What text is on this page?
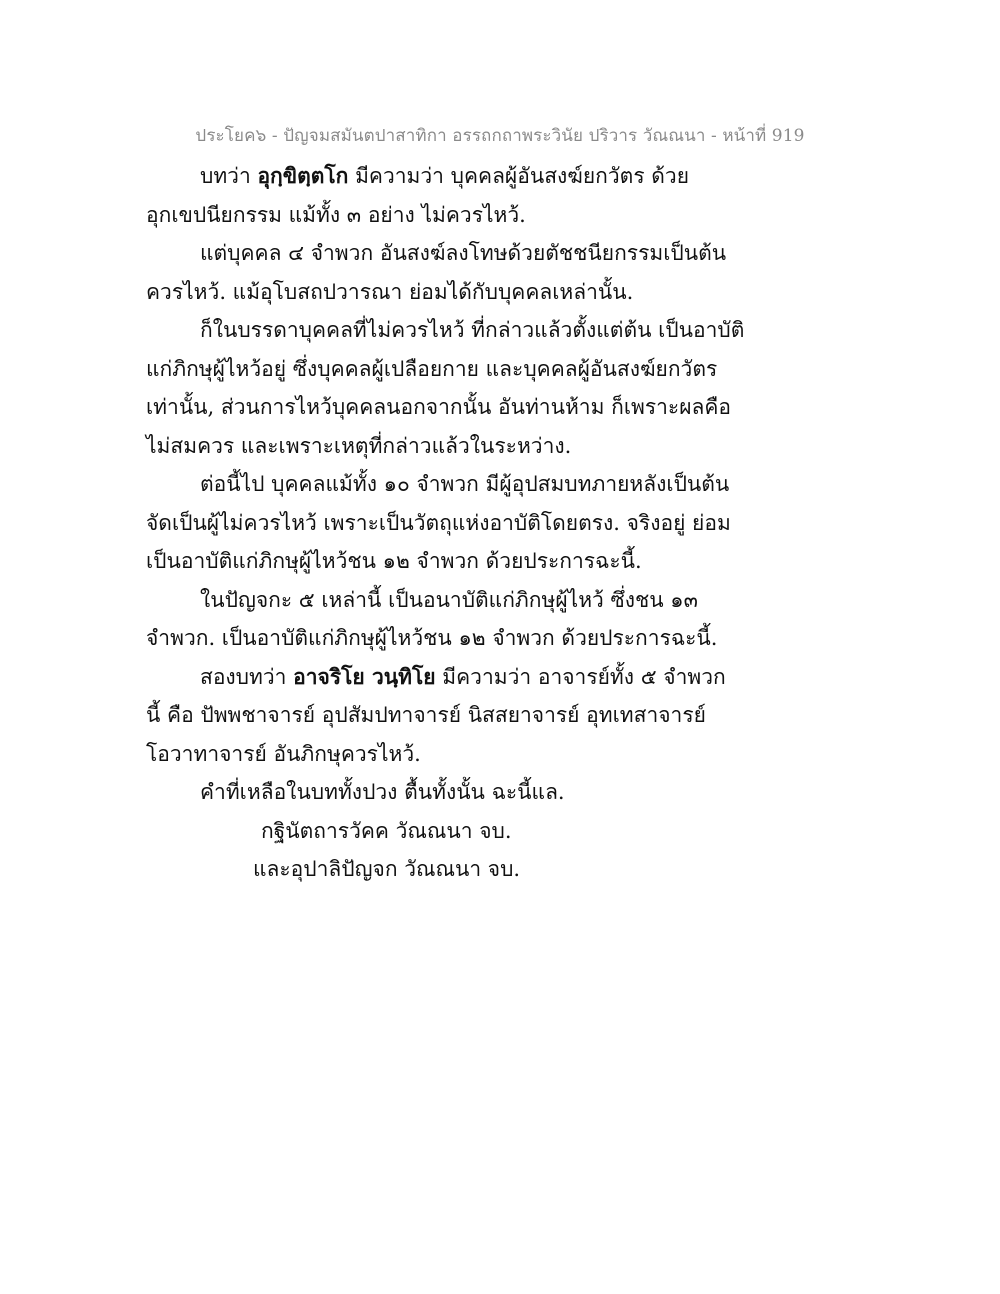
ประโยค๖ - ปัญจมสมันตปาสาทิกา อรรถกถาพระวินัย ปริวาร วัณณนา - หน้าที่ 919
บทว่า อุกฺขิตฺตโก มีความว่า บุคคลผู้อันสงฆ์ยกวัตร ด้วย
อุกเขปนียกรรม แม้ทั้ง ๓ อย่าง ไม่ควรไหว้.
แต่บุคคล ๔ จำพวก อันสงฆ์ลงโทษด้วยตัชชนียกรรมเป็นต้น
ควรไหว้. แม้อุโบสถปวารณา ย่อมได้กับบุคคลเหล่านั้น.
ก็ในบรรดาบุคคลที่ไม่ควรไหว้ ที่กล่าวแล้วตั้งแต่ต้น เป็นอาบัติ
แก่ภิกษุผู้ไหว้อยู่ ซึ่งบุคคลผู้เปลือยกาย และบุคคลผู้อันสงฆ์ยกวัตร
เท่านั้น, ส่วนการไหว้บุคคลนอกจากนั้น อันท่านห้าม ก็เพราะผลคือ
ไม่สมควร และเพราะเหตุที่กล่าวแล้วในระหว่าง.
ต่อนี้ไป บุคคลแม้ทั้ง ๑๐ จำพวก มีผู้อุปสมบทภายหลังเป็นต้น
จัดเป็นผู้ไม่ควรไหว้ เพราะเป็นวัตถุแห่งอาบัติโดยตรง. จริงอยู่ ย่อม
เป็นอาบัติแก่ภิกษุผู้ไหว้ชน ๑๒ จำพวก ด้วยประการฉะนี้.
ในปัญจกะ ๕ เหล่านี้ เป็นอนาบัติแก่ภิกษุผู้ไหว้ ซึ่งชน ๑๓
จำพวก. เป็นอาบัติแก่ภิกษุผู้ไหว้ชน ๑๒ จำพวก ด้วยประการฉะนี้.
สองบทว่า อาจริโย วนฺทิโย มีความว่า อาจารย์ทั้ง ๕ จำพวก
นี้ คือ ปัพพชาจารย์ อุปสัมปทาจารย์ นิสสยาจารย์ อุทเทสาจารย์
โอวาทาจารย์ อันภิกษุควรไหว้.
คำที่เหลือในบททั้งปวง ตื้นทั้งนั้น ฉะนี้แล.
กฐินัตถารวัคค วัณณนา จบ.
และอุปาลิปัญจก วัณณนา จบ.
